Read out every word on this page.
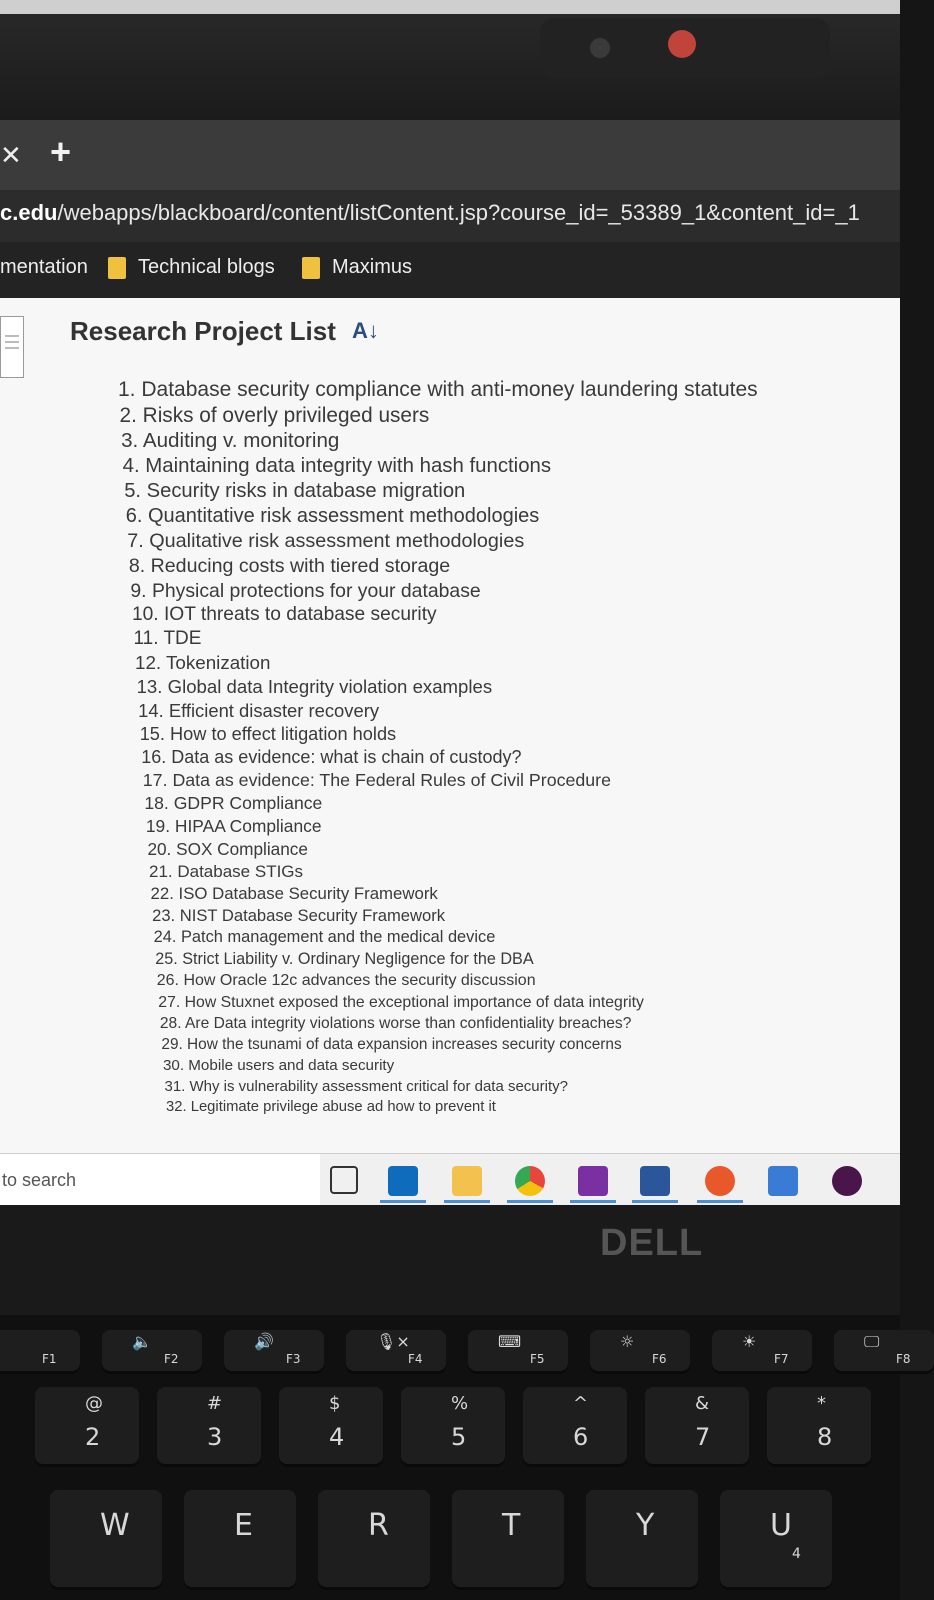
✕ +
c.edu/webapps/blackboard/content/listContent.jsp?course_id=_53389_1&content_id=_1
mentation	Technical blogs	Maximus
Research Project List A↓
1. Database security compliance with anti-money laundering statutes
2. Risks of overly privileged users
3. Auditing v. monitoring
4. Maintaining data integrity with hash functions
5. Security risks in database migration
6. Quantitative risk assessment methodologies
7. Qualitative risk assessment methodologies
8. Reducing costs with tiered storage
9. Physical protections for your database
10. IOT threats to database security
11. TDE
12. Tokenization
13. Global data Integrity violation examples
14. Efficient disaster recovery
15. How to effect litigation holds
16. Data as evidence: what is chain of custody?
17. Data as evidence: The Federal Rules of Civil Procedure
18. GDPR Compliance
19. HIPAA Compliance
20. SOX Compliance
21. Database STIGs
22. ISO Database Security Framework
23. NIST Database Security Framework
24. Patch management and the medical device
25. Strict Liability v. Ordinary Negligence for the DBA
26. How Oracle 12c advances the security discussion
27. How Stuxnet exposed the exceptional importance of data integrity
28. Are Data integrity violations worse than confidentiality breaches?
29. How the tsunami of data expansion increases security concerns
30. Mobile users and data security
31. Why is vulnerability assessment critical for data security?
32. Legitimate privilege abuse ad how to prevent it
to search
DELL
F1	F2
🔈
F3
🔊
F4
🎙×
F5
⌨
F6
☼
F7
☀
F8
🖵
@
2
#
3
$
4
%
5
^
6
&
7
*
8
W	E	R	T	Y	U
4
